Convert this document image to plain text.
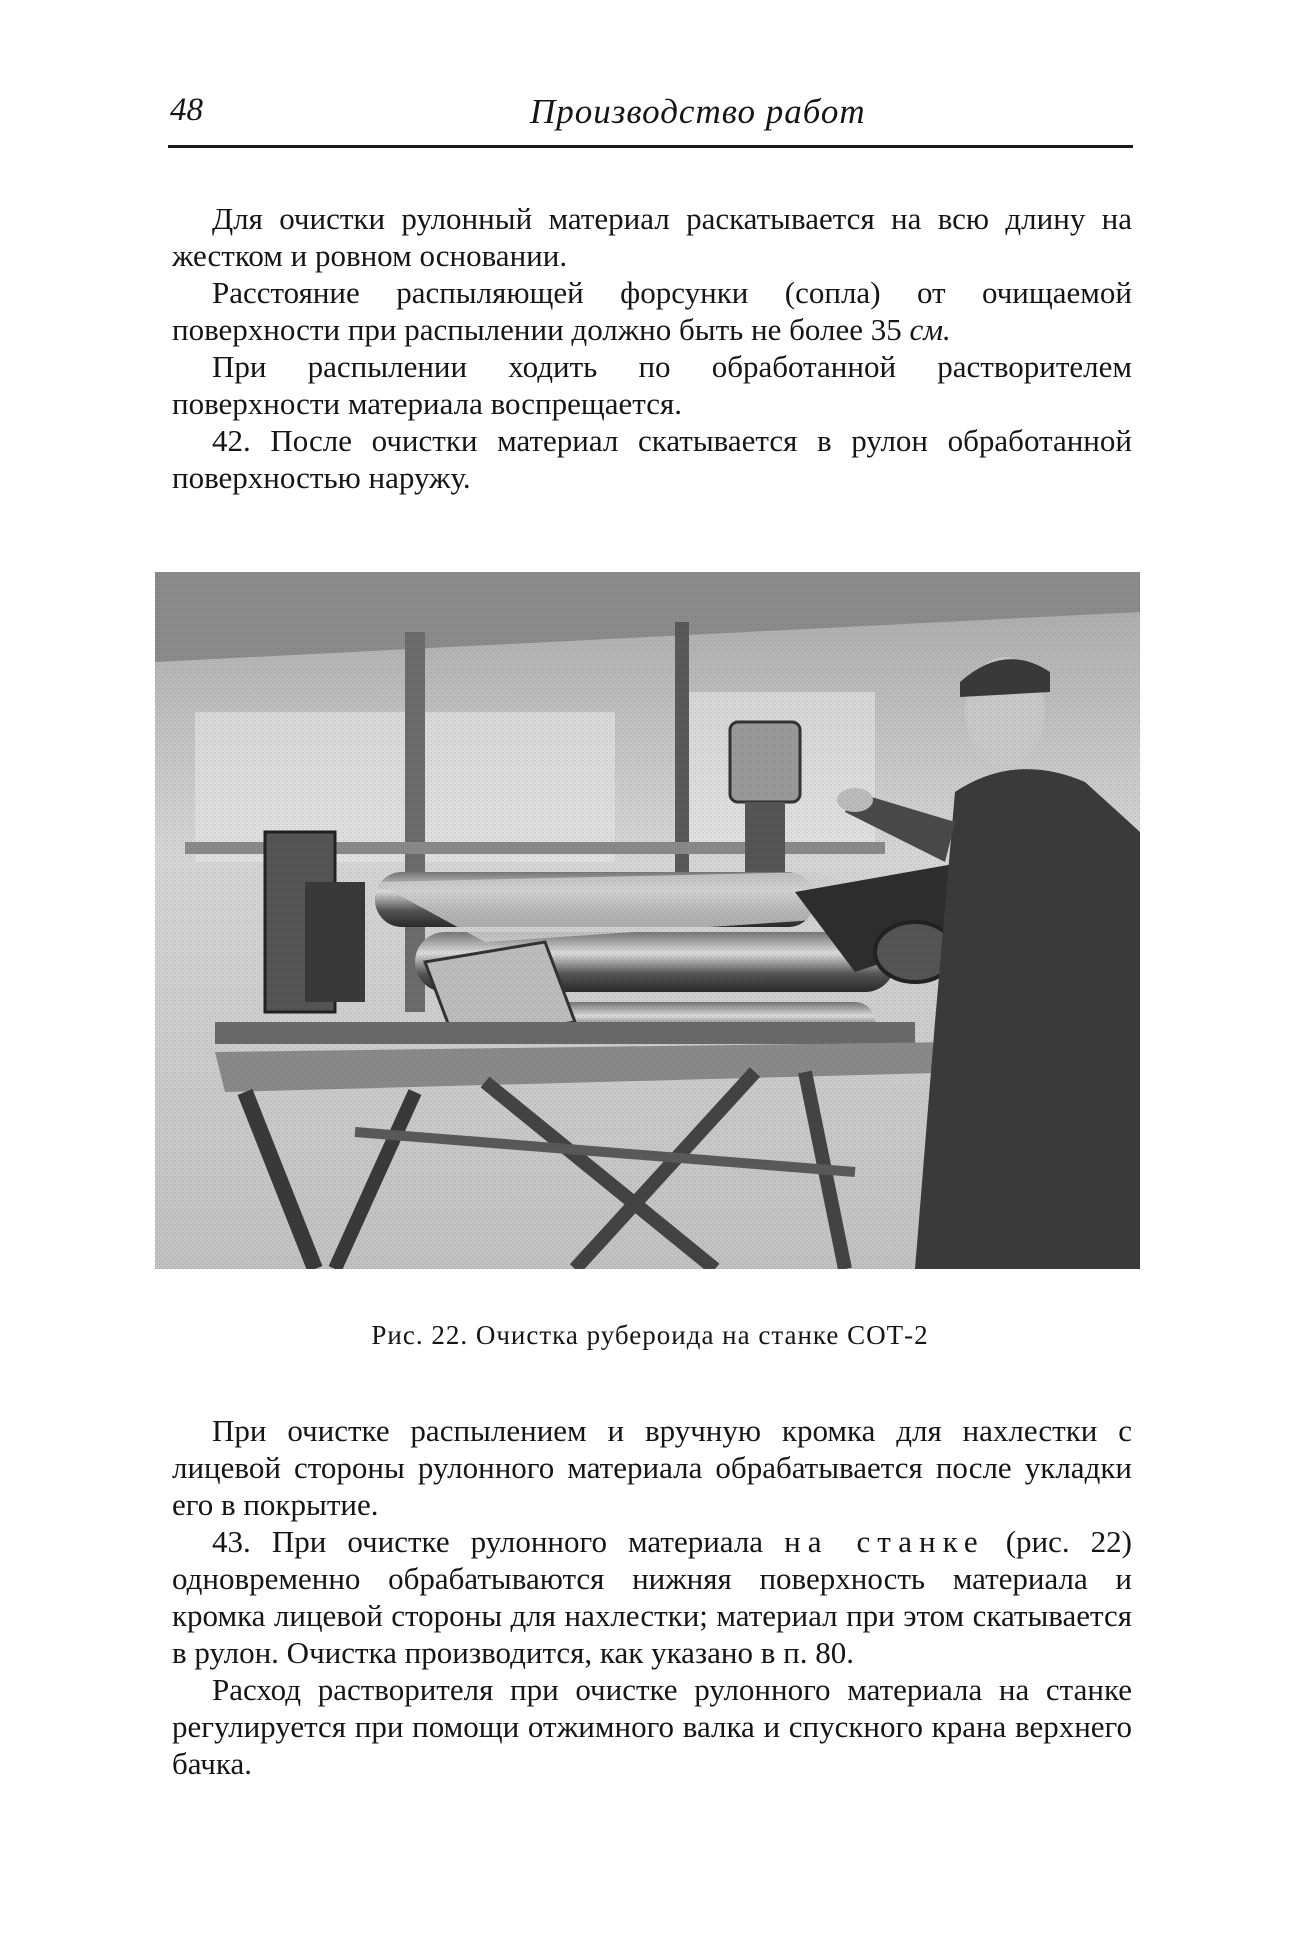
48	Производство работ

Для очистки рулонный материал раскатывается на всю длину на жестком и ровном основании.

Расстояние распыляющей форсунки (сопла) от очищаемой поверхности при распылении должно быть не более 35 см.

При распылении ходить по обработанной растворителем поверхности материала воспрещается.

42. После очистки материал скатывается в рулон обработанной поверхностью наружу.

Рис. 22. Очистка рубероида на станке СОТ-2

При очистке распылением и вручную кромка для нахлестки с лицевой стороны рулонного материала обрабатывается после укладки его в покрытие.

43. При очистке рулонного материала на станке (рис. 22) одновременно обрабатываются нижняя поверхность материала и кромка лицевой стороны для нахлестки; материал при этом скатывается в рулон. Очистка производится, как указано в п. 80.

Расход растворителя при очистке рулонного материала на станке регулируется при помощи отжимного валка и спускного крана верхнего бачка.
